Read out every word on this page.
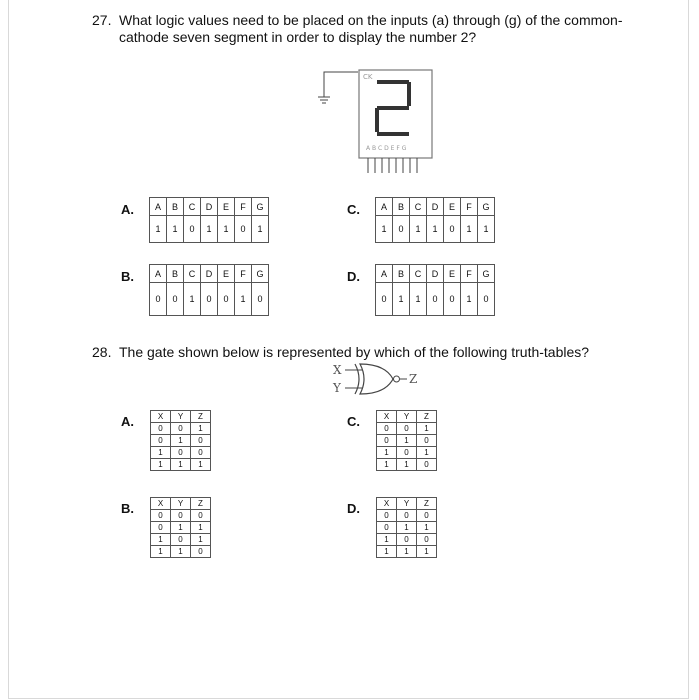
27. What logic values need to be placed on the inputs (a) through (g) of the common-
cathode seven segment in order to display the number 2?
CK
A B C D E F G
A. A	B	C	D	E	F	G
1	1	0	1	1	0	1
C. A	B	C	D	E	F	G
1	0	1	1	0	1	1
B. A	B	C	D	E	F	G
0	0	1	0	0	1	0
D. A	B	C	D	E	F	G
0	1	1	0	0	1	0
28. The gate shown below is represented by which of the following truth-tables?
X
Y
Z
A.	X	Y	Z
0	0	1
0	1	0
1	0	0
1	1	1
C.	X	Y	Z
0	0	1
0	1	0
1	0	1
1	1	0
B.	X	Y	Z
0	0	0
0	1	1
1	0	1
1	1	0
D.	X	Y	Z
0	0	0
0	1	1
1	0	0
1	1	1
